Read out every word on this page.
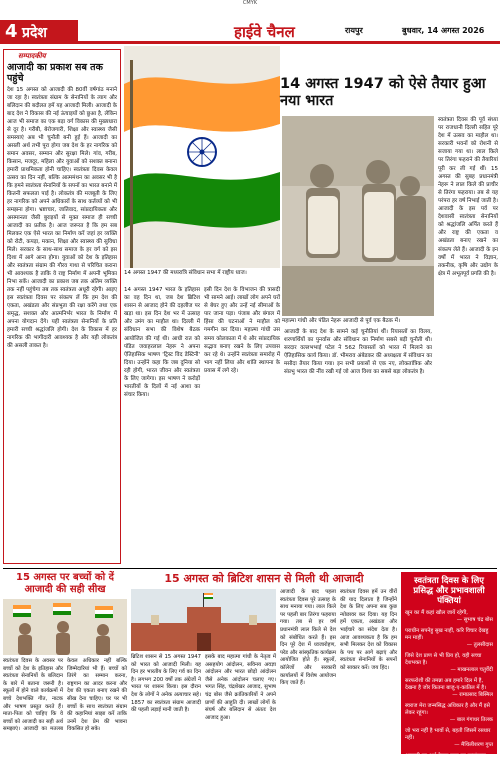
CMYK
4 प्रदेश	हाईवे चैनल	रायपुर	बुधवार, 14 अगस्त 2026
सम्पादकीय
आजादी का प्रकाश सब तक पहुंचे
देश 15 अगस्त को आजादी की 80वीं वर्षगांठ मनाने जा रहा है। स्वतंत्रता संग्राम के सेनानियों के त्याग और बलिदान की बदौलत हमें यह आजादी मिली। आजादी के बाद देश ने विकास की नई ऊंचाइयों को छुआ है, लेकिन आज भी समाज का एक बड़ा वर्ग विकास की मुख्यधारा से दूर है। गरीबी, बेरोजगारी, शिक्षा और स्वास्थ्य जैसी समस्याएं अब भी चुनौती बनी हुई हैं। आजादी का असली अर्थ तभी पूरा होगा जब देश के हर नागरिक को समान अवसर, सम्मान और सुरक्षा मिले। गांव, गरीब, किसान, मजदूर, महिला और युवाओं को सशक्त बनाना हमारी प्राथमिकता होनी चाहिए। स्वतंत्रता दिवस केवल उत्सव का दिन नहीं, बल्कि आत्ममंथन का अवसर भी है कि हमने स्वतंत्रता सेनानियों के सपनों का भारत बनाने में कितनी सफलता पाई है। लोकतंत्र की मजबूती के लिए हर नागरिक को अपने अधिकारों के साथ कर्तव्यों को भी समझना होगा। भ्रष्टाचार, जातिवाद, सांप्रदायिकता और असमानता जैसी बुराइयों से मुक्त समाज ही सच्ची आजादी का प्रतीक है। आज जरूरत है कि हम सब मिलकर एक ऐसे भारत का निर्माण करें जहां हर व्यक्ति को रोटी, कपड़ा, मकान, शिक्षा और स्वास्थ्य की सुविधा मिले। सरकार के साथ-साथ समाज के हर वर्ग को इस दिशा में आगे आना होगा। युवाओं को देश के इतिहास और स्वतंत्रता संग्राम की गौरव गाथा से परिचित कराना भी आवश्यक है ताकि वे राष्ट्र निर्माण में अपनी भूमिका निभा सकें। आजादी का प्रकाश जब तक अंतिम व्यक्ति तक नहीं पहुंचेगा तब तक स्वतंत्रता अधूरी रहेगी। आइए इस स्वतंत्रता दिवस पर संकल्प लें कि हम देश की एकता, अखंडता और संप्रभुता की रक्षा करेंगे तथा एक समृद्ध, सशक्त और आत्मनिर्भर भारत के निर्माण में अपना योगदान देंगे। यही स्वतंत्रता सेनानियों के प्रति हमारी सच्ची श्रद्धांजलि होगी। देश के विकास में हर नागरिक की भागीदारी आवश्यक है और यही लोकतंत्र की असली ताकत है।
14 अगस्त 1947 को ऐसे तैयार हुआ नया भारत
14 अगस्त 1947 की मध्यरात्रि संविधान सभा में राष्ट्रीय ध्वज।
महात्मा गांधी और पंडित नेहरू आजादी से पूर्व एक बैठक में।
14 अगस्त 1947 भारत के इतिहास का वह दिन था, जब देश ब्रिटिश शासन से आजाद होने की दहलीज पर खड़ा था। इस दिन देश भर में उत्साह और उमंग का माहौल था। दिल्ली में संविधान सभा की विशेष बैठक आयोजित की गई थी। आधी रात को पंडित जवाहरलाल नेहरू ने अपना ऐतिहासिक भाषण 'ट्रिस्ट विद डेस्टिनी' दिया। उन्होंने कहा कि जब दुनिया सो रही होगी, भारत जीवन और स्वतंत्रता के लिए जागेगा। इस भाषण ने करोड़ों भारतीयों के दिलों में नई आशा का संचार किया।
इसी दिन देश के विभाजन की त्रासदी भी सामने आई। लाखों लोग अपने घरों से बेघर हुए और उन्हें नई सीमाओं के पार जाना पड़ा। पंजाब और बंगाल में हिंसा की घटनाओं ने माहौल को गमगीन कर दिया। महात्मा गांधी उस समय कोलकाता में थे और सांप्रदायिक सद्भाव बनाए रखने के लिए उपवास कर रहे थे। उन्होंने स्वतंत्रता समारोह में भाग नहीं लिया और शांति स्थापना के प्रयास में लगे रहे।
आजादी के बाद देश के सामने कई चुनौतियां थीं। रियासतों का विलय, शरणार्थियों का पुनर्वास और संविधान का निर्माण सबसे बड़ी चुनौती थी। सरदार वल्लभभाई पटेल ने 562 रियासतों को भारत में मिलाने का ऐतिहासिक कार्य किया। डॉ. भीमराव अंबेडकर की अध्यक्षता में संविधान का मसौदा तैयार किया गया। इन सभी प्रयासों से एक नए, लोकतांत्रिक और संप्रभु भारत की नींव रखी गई जो आज विश्व का सबसे बड़ा लोकतंत्र है।
स्वतंत्रता दिवस की पूर्व संध्या पर राजधानी दिल्ली सहित पूरे देश में उत्सव का माहौल था। सरकारी भवनों को रोशनी से सजाया गया था। लाल किले पर तिरंगा फहराने की तैयारियां पूरी कर ली गई थीं। 15 अगस्त की सुबह प्रधानमंत्री नेहरू ने लाल किले की प्राचीर से तिरंगा फहराया। तब से यह परंपरा हर वर्ष निभाई जाती है। आजादी के इस पर्व पर देशवासी स्वतंत्रता सेनानियों को श्रद्धांजलि अर्पित करते हैं और राष्ट्र की एकता व अखंडता बनाए रखने का संकल्प लेते हैं। आजादी के इन वर्षों में भारत ने विज्ञान, तकनीक, कृषि और उद्योग के क्षेत्र में अभूतपूर्व प्रगति की है।
15 अगस्त पर बच्चों को दें आजादी की सही सीख
स्वतंत्रता दिवस के अवसर पर बच्चों को देश के इतिहास और स्वतंत्रता सेनानियों के बलिदान के बारे में बताना जरूरी है। स्कूलों में होने वाले कार्यक्रमों में बच्चे देशभक्ति गीत, नाटक और भाषण प्रस्तुत करते हैं। माता-पिता को चाहिए कि वे बच्चों को आजादी का सही अर्थ समझाएं। आजादी का मतलब केवल अधिकार नहीं बल्कि जिम्मेदारियां भी हैं। बच्चों को तिरंगे का सम्मान करना, राष्ट्रगान का आदर करना और देश की एकता बनाए रखने की सीख देना चाहिए। घर पर भी बच्चों के साथ स्वतंत्रता संग्राम की कहानियां साझा करें ताकि उनमें देश प्रेम की भावना विकसित हो सके।
15 अगस्त को ब्रिटिश शासन से मिली थी आजादी
ब्रिटिश शासन से 15 अगस्त 1947 को भारत को आजादी मिली। यह दिन हर भारतीय के लिए गर्व का दिन है। लगभग 200 वर्षों तक अंग्रेजों ने भारत पर शासन किया। इस दौरान देश के लोगों ने अनेक अत्याचार सहे। 1857 का स्वतंत्रता संग्राम आजादी की पहली लड़ाई मानी जाती है।
इसके बाद महात्मा गांधी के नेतृत्व में असहयोग आंदोलन, सविनय अवज्ञा आंदोलन और भारत छोड़ो आंदोलन जैसे अनेक आंदोलन चलाए गए। भगत सिंह, चंद्रशेखर आजाद, सुभाष चंद्र बोस जैसे क्रांतिकारियों ने अपने प्राणों की आहुति दी। लाखों लोगों के संघर्ष और बलिदान से अंततः देश आजाद हुआ।
आजादी के बाद पहला स्वतंत्रता दिवस पूरे उत्साह के साथ मनाया गया। लाल किले पर पहली बार तिरंगा फहराया गया। तब से हर वर्ष प्रधानमंत्री लाल किले से देश को संबोधित करते हैं। इस दिन पूरे देश में ध्वजारोहण, परेड और सांस्कृतिक कार्यक्रम आयोजित होते हैं। स्कूलों, कॉलेजों और सरकारी कार्यालयों में विशेष आयोजन किए जाते हैं।
स्वतंत्रता दिवस हमें उन वीरों की याद दिलाता है जिन्होंने देश के लिए अपना सब कुछ न्योछावर कर दिया। यह दिन हमें एकता, अखंडता और भाईचारे का संदेश देता है। आज आवश्यकता है कि हम सभी मिलकर देश को विकास के पथ पर आगे बढ़ाएं और स्वतंत्रता सेनानियों के सपनों को साकार करें। जय हिंद।
स्वतंत्रता दिवस के लिए प्रसिद्ध और प्रभावशाली पंक्तियां
खून का मैं कहां खौल जायें रहेगी,
— सुभाष चंद्र बोस
पराधीन सपनेहु सुख नाहीं, करि विचार देखहु मन माहीं।
— तुलसीदास
जिसे देश प्राण से भी प्रिय हो, वही सच्चा देशभक्त है।
— माखनलाल चतुर्वेदी
सरफरोशी की तमन्ना अब हमारे दिल में है, देखना है जोर कितना बाजु-ए-कातिल में है।
— रामप्रसाद बिस्मिल
स्वराज मेरा जन्मसिद्ध अधिकार है और मैं इसे लेकर रहूंगा।
— बाल गंगाधर तिलक
जो भरा नहीं है भावों से, बहती जिसमें रसधार नहीं।
— मैथिलीशरण गुप्त
आजादी का अर्थ केवल सत्ता का हस्तांतरण नहीं है।
— वाल्मीकि रामायण
